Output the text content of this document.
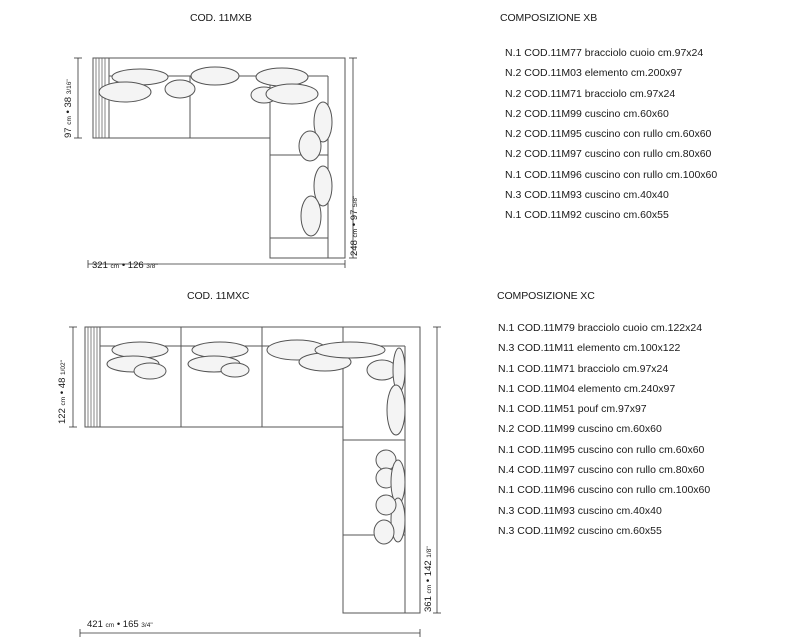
COD. 11MXB	COMPOSIZIONE XB
COD. 11MXC	COMPOSIZIONE XC
N.1 COD.11M77 bracciolo cuoio cm.97x24
N.2 COD.11M03 elemento cm.200x97
N.2 COD.11M71 bracciolo cm.97x24
N.2 COD.11M99 cuscino cm.60x60
N.2 COD.11M95 cuscino con rullo cm.60x60
N.2 COD.11M97 cuscino con rullo cm.80x60
N.1 COD.11M96 cuscino con rullo cm.100x60
N.3 COD.11M93 cuscino cm.40x40
N.1 COD.11M92 cuscino cm.60x55
N.1 COD.11M79 bracciolo cuoio cm.122x24
N.3 COD.11M11 elemento cm.100x122
N.1 COD.11M71 bracciolo cm.97x24
N.1 COD.11M04 elemento cm.240x97
N.1 COD.11M51 pouf cm.97x97
N.2 COD.11M99 cuscino cm.60x60
N.1 COD.11M95 cuscino con rullo cm.60x60
N.4 COD.11M97 cuscino con rullo cm.80x60
N.1 COD.11M96 cuscino con rullo cm.100x60
N.3 COD.11M93 cuscino cm.40x40
N.3 COD.11M92 cuscino cm.60x55
97 cm • 38 3/16"
321 cm • 126 3/8"
248 cm • 97 5/8"
122 cm • 48 1/02"
421 cm • 165 3/4"
361 cm • 142 1/8"
